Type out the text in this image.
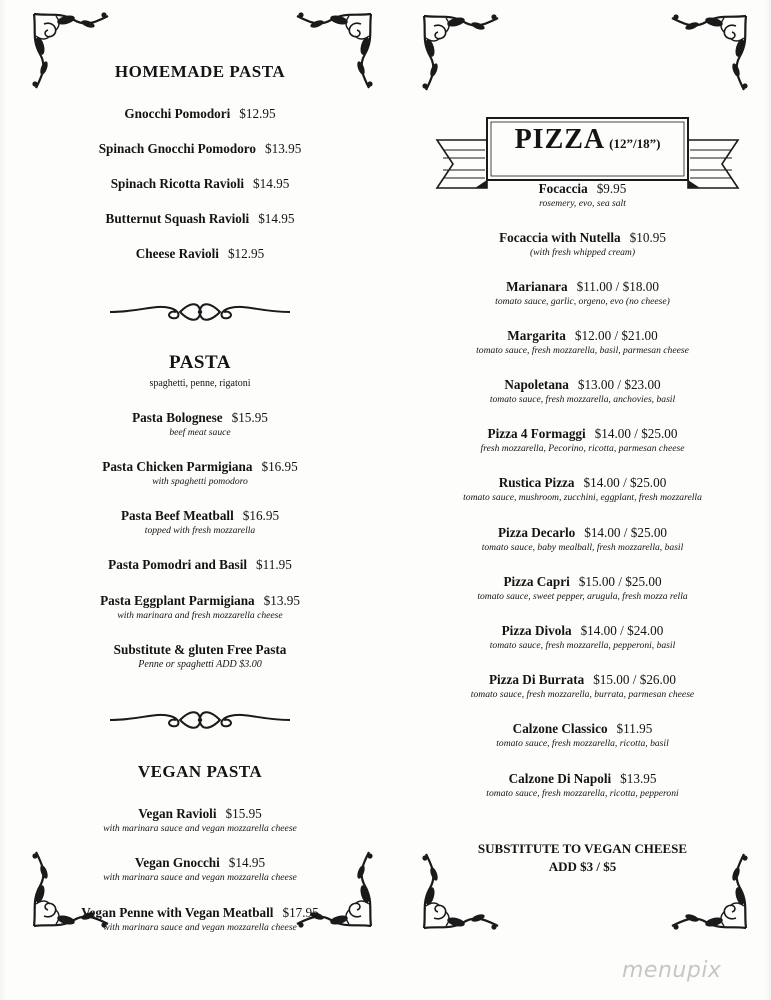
HOMEMADE PASTA
Gnocchi Pomodori $12.95
Spinach Gnocchi Pomodoro $13.95
Spinach Ricotta Ravioli $14.95
Butternut Squash Ravioli $14.95
Cheese Ravioli $12.95
PASTA
spaghetti, penne, rigatoni
Pasta Bolognese $15.95
beef meat sauce
Pasta Chicken Parmigiana $16.95
with spaghetti pomodoro
Pasta Beef Meatball $16.95
topped with fresh mozzarella
Pasta Pomodri and Basil $11.95
Pasta Eggplant Parmigiana $13.95
with marinara and fresh mozzarella cheese
Substitute & gluten Free Pasta
Penne or spaghetti ADD $3.00
VEGAN PASTA
Vegan Ravioli $15.95
with marinara sauce and vegan mozzarella cheese
Vegan Gnocchi $14.95
with marinara sauce and vegan mozzarella cheese
Vegan Penne with Vegan Meatball $17.95
with marinara sauce and vegan mozzarella cheese
PIZZA (12”/18”)
Focaccia $9.95
rosemery, evo, sea salt
Focaccia with Nutella $10.95
(with fresh whipped cream)
Marianara $11.00 / $18.00
tomato sauce, garlic, orgeno, evo (no cheese)
Margarita $12.00 / $21.00
tomato sauce, fresh mozzarella, basil, parmesan cheese
Napoletana $13.00 / $23.00
tomato sauce, fresh mozzarella, anchovies, basil
Pizza 4 Formaggi $14.00 / $25.00
fresh mozzarella, Pecorino, ricotta, parmesan cheese
Rustica Pizza $14.00 / $25.00
tomato sauce, mushroom, zucchini, eggplant, fresh mozzarella
Pizza Decarlo $14.00 / $25.00
tomato sauce, baby mealball, fresh mozzarella, basil
Pizza Capri $15.00 / $25.00
tomato sauce, sweet pepper, arugula, fresh mozza rella
Pizza Divola $14.00 / $24.00
tomato sauce, fresh mozzarella, pepperoni, basil
Pizza Di Burrata $15.00 / $26.00
tomato sauce, fresh mozzarella, burrata, parmesan cheese
Calzone Classico $11.95
tomato sauce, fresh mozzarella, ricotta, basil
Calzone Di Napoli $13.95
tomato sauce, fresh mozzarella, ricotta, pepperoni
SUBSTITUTE TO VEGAN CHEESE
ADD $3 / $5
menupix
